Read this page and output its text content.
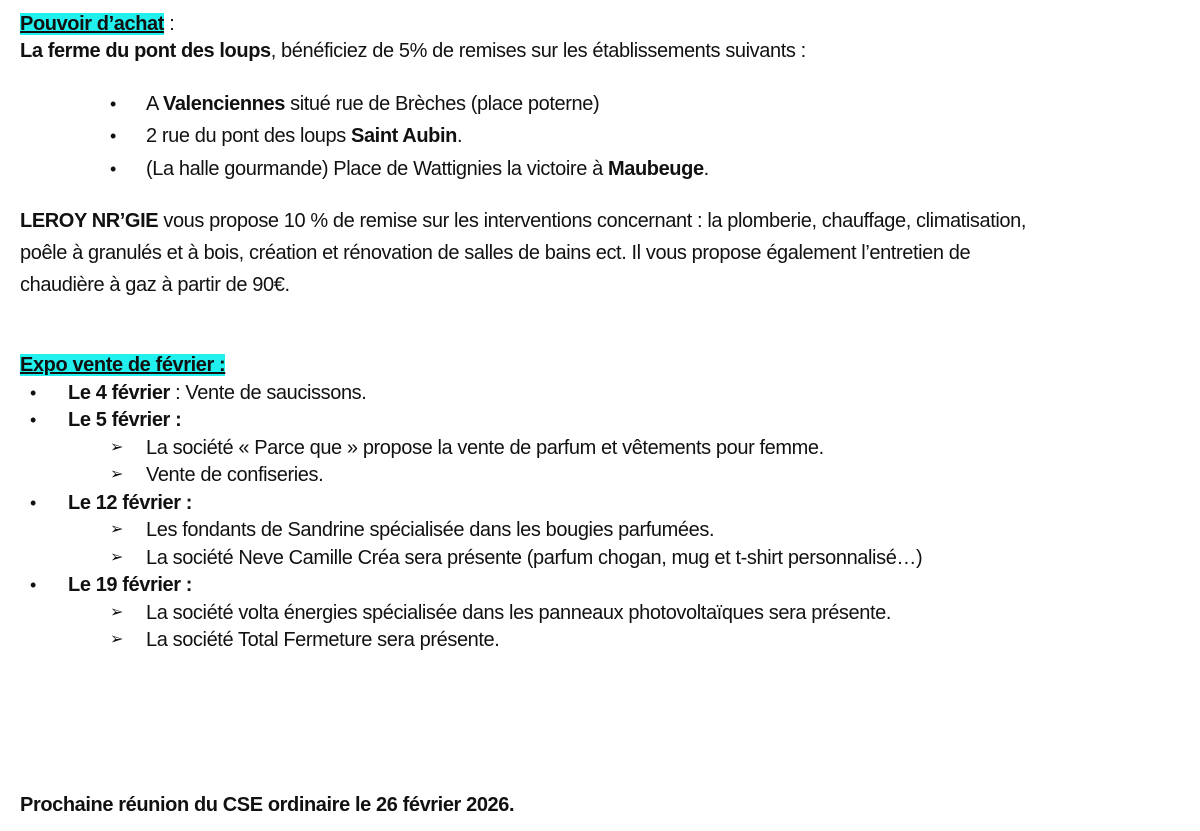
Pouvoir d’achat :
La ferme du pont des loups, bénéficiez de 5% de remises sur les établissements suivants :
• A Valenciennes situé rue de Brèches (place poterne)
• 2 rue du pont des loups Saint Aubin.
• (La halle gourmande) Place de Wattignies la victoire à Maubeuge.
LEROY NR’GIE vous propose 10 % de remise sur les interventions concernant : la plomberie, chauffage, climatisation,
poêle à granulés et à bois, création et rénovation de salles de bains ect. Il vous propose également l’entretien de
chaudière à gaz à partir de 90€.
Expo vente de février :
• Le 4 février : Vente de saucissons.
• Le 5 février :
➢ La société « Parce que » propose la vente de parfum et vêtements pour femme.
➢ Vente de confiseries.
• Le 12 février :
➢ Les fondants de Sandrine spécialisée dans les bougies parfumées.
➢ La société Neve Camille Créa sera présente (parfum chogan, mug et t-shirt personnalisé…)
• Le 19 février :
➢ La société volta énergies spécialisée dans les panneaux photovoltaïques sera présente.
➢ La société Total Fermeture sera présente.
Prochaine réunion du CSE ordinaire le 26 février 2026.
